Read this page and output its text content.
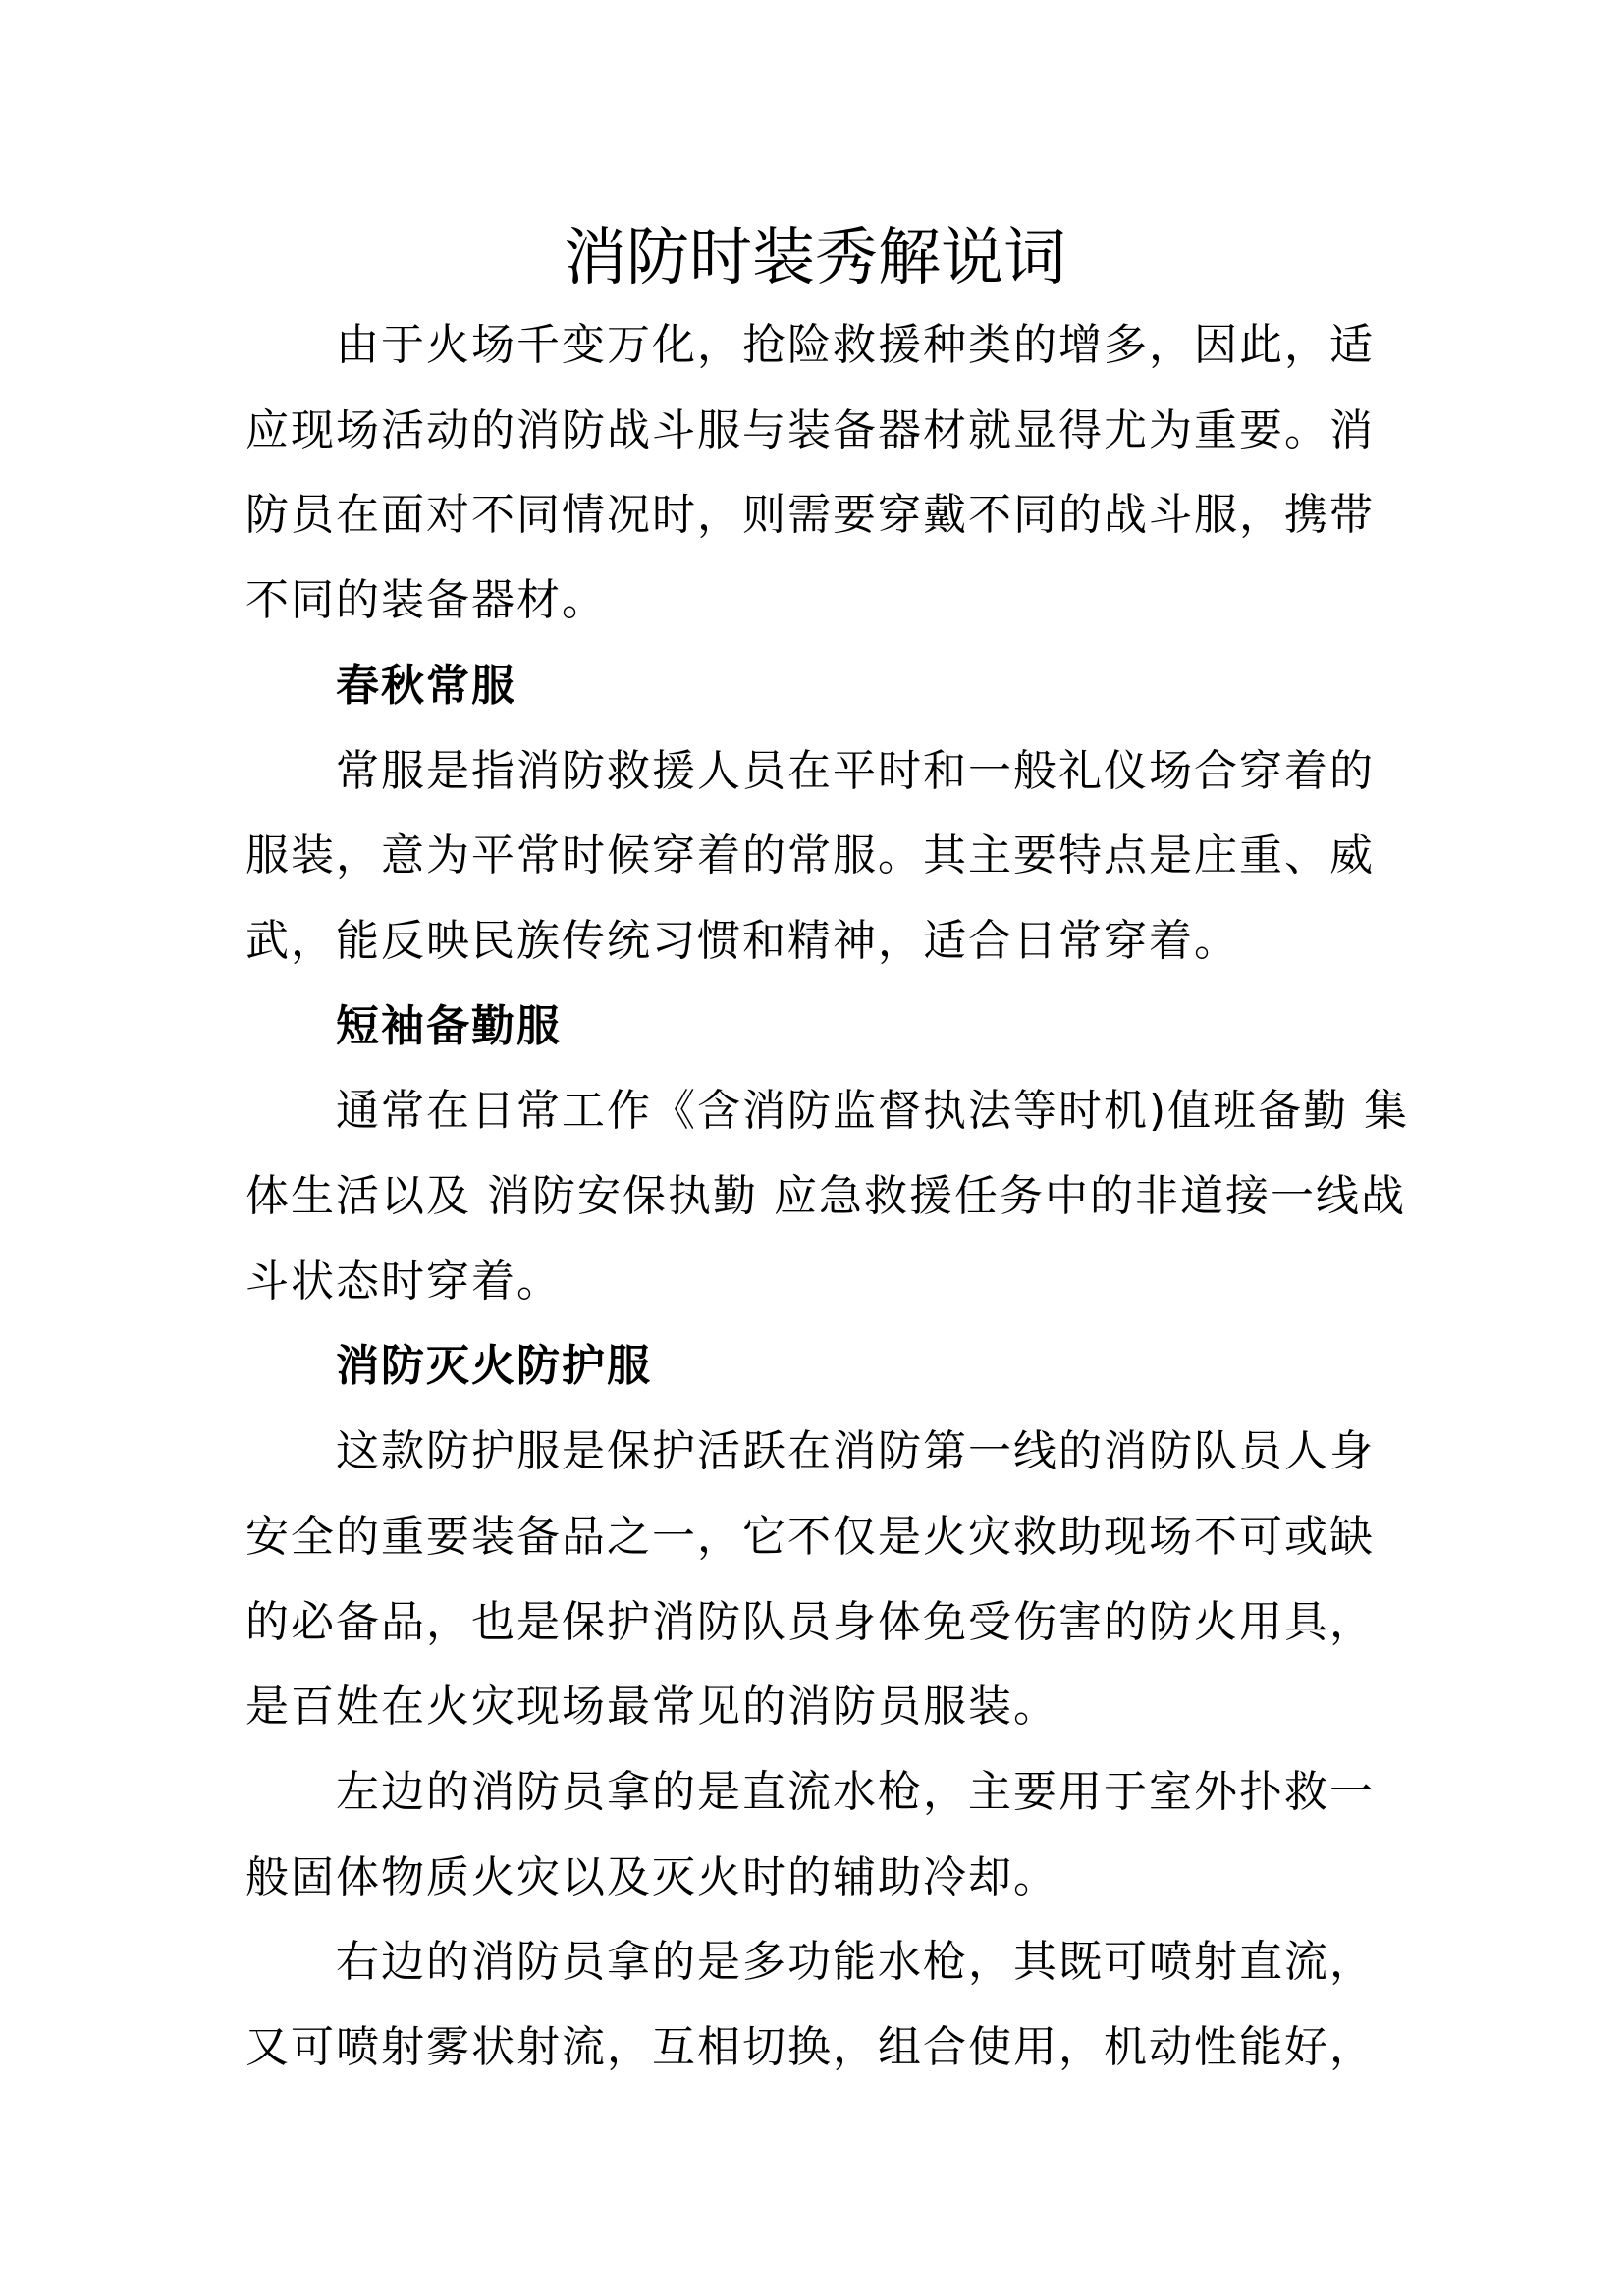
消防时装秀解说词

由于火场千变万化，抢险救援种类的增多，因此，适
应现场活动的消防战斗服与装备器材就显得尤为重要。消
防员在面对不同情况时，则需要穿戴不同的战斗服，携带
不同的装备器材。

春秋常服

常服是指消防救援人员在平时和一般礼仪场合穿着的
服装，意为平常时候穿着的常服。其主要特点是庄重、威
武，能反映民族传统习惯和精神，适合日常穿着。

短袖备勤服

通常在日常工作《含消防监督执法等时机)值班备勤 集
体生活以及 消防安保执勤 应急救援任务中的非道接一线战
斗状态时穿着。

消防灭火防护服

这款防护服是保护活跃在消防第一线的消防队员人身
安全的重要装备品之一，它不仅是火灾救助现场不可或缺
的必备品，也是保护消防队员身体免受伤害的防火用具，
是百姓在火灾现场最常见的消防员服装。

左边的消防员拿的是直流水枪，主要用于室外扑救一
般固体物质火灾以及灭火时的辅助冷却。

右边的消防员拿的是多功能水枪，其既可喷射直流，
又可喷射雾状射流，互相切换，组合使用，机动性能好，
